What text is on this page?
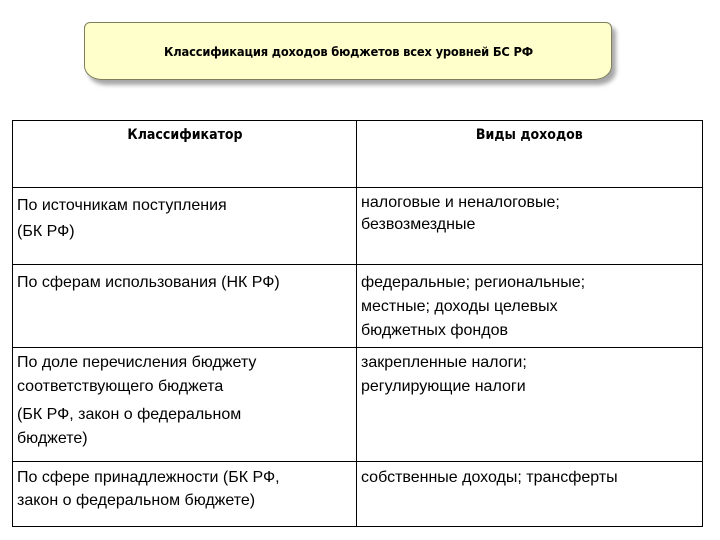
Классификация доходов бюджетов всех уровней БС РФ
Классификатор	Виды доходов

По источникам поступления
(БК РФ)	налоговые и неналоговые;
безвозмездные

По сферам использования (НК РФ)	федеральные; региональные;
местные; доходы целевых
бюджетных фондов

По доле перечисления бюджету
соответствующего бюджета
(БК РФ, закон о федеральном
бюджете)	закрепленные налоги;
регулирующие налоги

По сфере принадлежности (БК РФ,
закон о федеральном бюджете)	собственные доходы; трансферты
